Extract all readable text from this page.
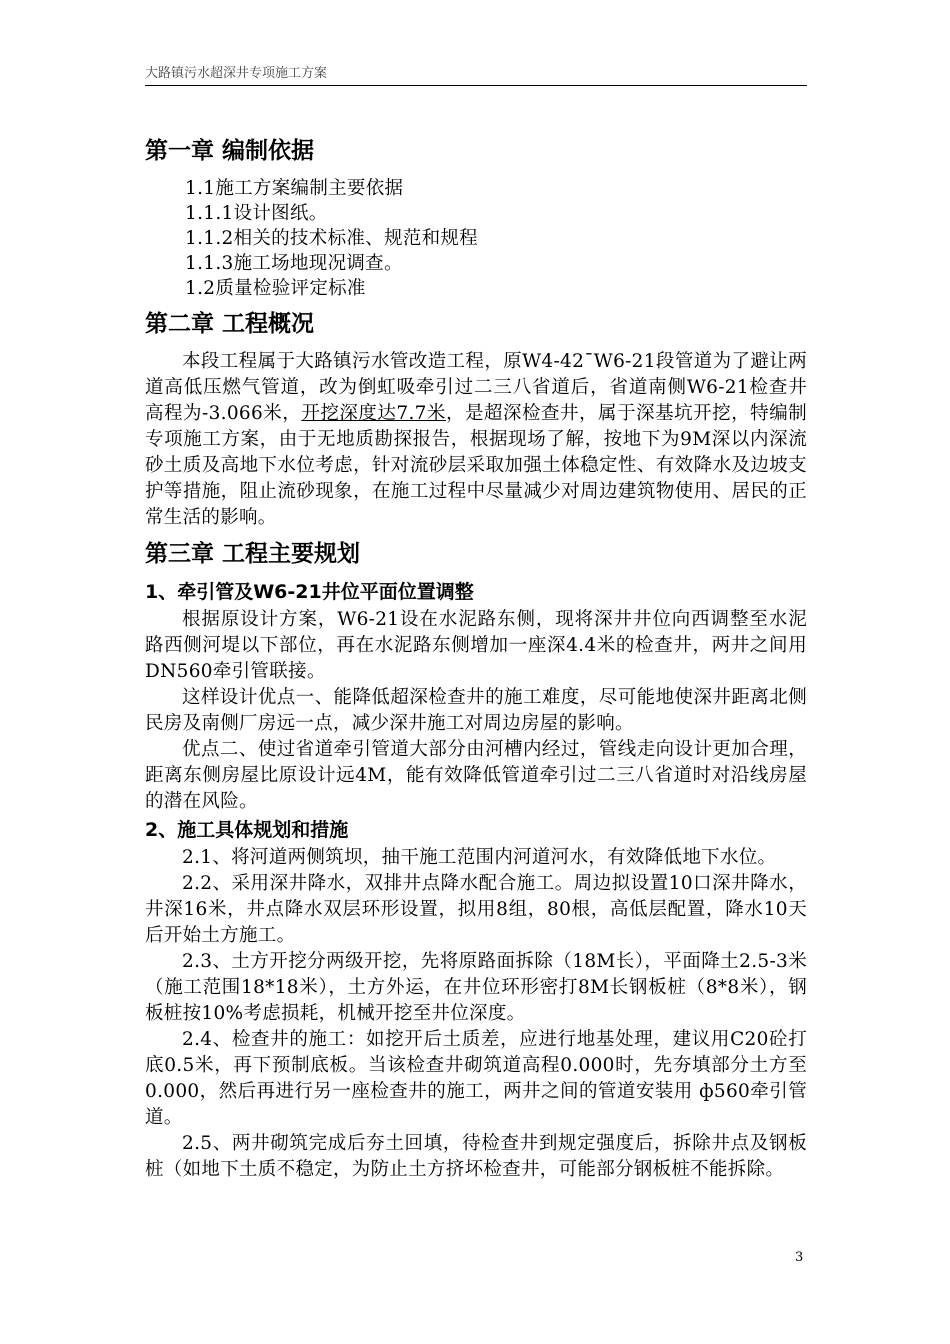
大路镇污水超深井专项施工方案
第一章 编制依据

1.1施工方案编制主要依据

1.1.1设计图纸。

1.1.2相关的技术标准、规范和规程

1.1.3施工场地现况调查。

1.2质量检验评定标准

第二章 工程概况

本段工程属于大路镇污水管改造工程，原W4-42¯W6-21段管道为了避让两道高低压燃气管道，改为倒虹吸牵引过二三八省道后，省道南侧W6-21检查井高程为-3.066米，开挖深度达7.7米，是超深检查井，属于深基坑开挖，特编制专项施工方案，由于无地质勘探报告，根据现场了解，按地下为9M深以内深流砂土质及高地下水位考虑，针对流砂层采取加强土体稳定性、有效降水及边坡支护等措施，阻止流砂现象，在施工过程中尽量减少对周边建筑物使用、居民的正常生活的影响。

第三章 工程主要规划
1、牵引管及W6-21井位平面位置调整

根据原设计方案，W6-21设在水泥路东侧，现将深井井位向西调整至水泥路西侧河堤以下部位，再在水泥路东侧增加一座深4.4米的检查井，两井之间用DN560牵引管联接。

这样设计优点一、能降低超深检查井的施工难度，尽可能地使深井距离北侧民房及南侧厂房远一点，减少深井施工对周边房屋的影响。

优点二、使过省道牵引管道大部分由河槽内经过，管线走向设计更加合理，距离东侧房屋比原设计远4M，能有效降低管道牵引过二三八省道时对沿线房屋的潜在风险。

2、施工具体规划和措施

2.1、将河道两侧筑坝，抽干施工范围内河道河水，有效降低地下水位。

2.2、采用深井降水，双排井点降水配合施工。周边拟设置10口深井降水，井深16米，井点降水双层环形设置，拟用8组，80根，高低层配置，降水10天后开始土方施工。

2.3、土方开挖分两级开挖，先将原路面拆除（18M长），平面降土2.5-3米（施工范围18*18米），土方外运，在井位环形密打8M长钢板桩（8*8米），钢板桩按10%考虑损耗，机械开挖至井位深度。

2.4、检查井的施工：如挖开后土质差，应进行地基处理，建议用C20砼打底0.5米，再下预制底板。当该检查井砌筑道高程0.000时，先夯填部分土方至0.000，然后再进行另一座检查井的施工，两井之间的管道安装用 ф560牵引管道。

2.5、两井砌筑完成后夯土回填，待检查井到规定强度后，拆除井点及钢板桩（如地下土质不稳定，为防止土方挤坏检查井，可能部分钢板桩不能拆除。

3
